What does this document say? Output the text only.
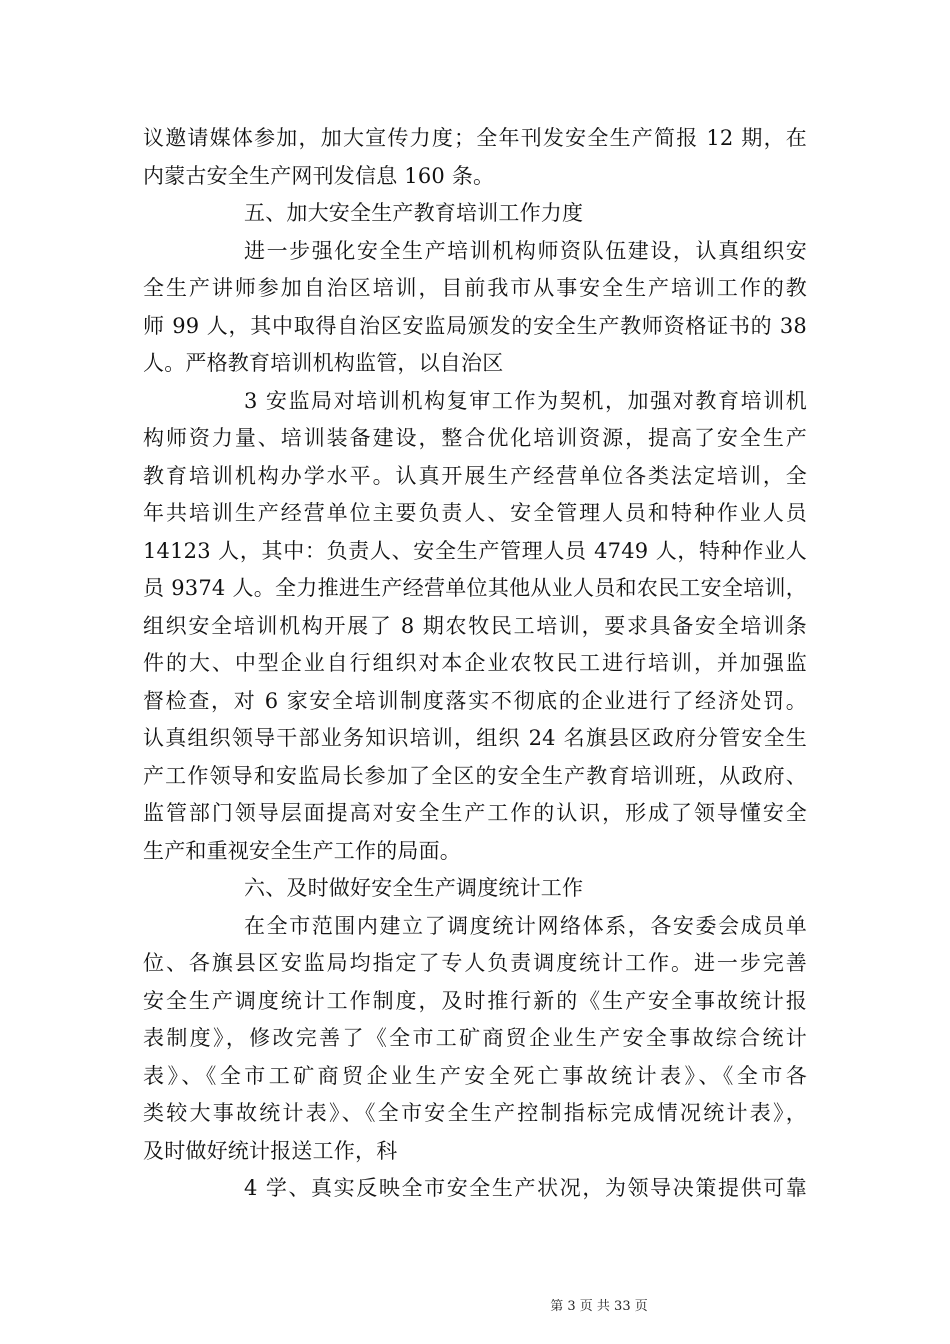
议邀请媒体参加，加大宣传力度；全年刊发安全生产简报 12 期，在
内蒙古安全生产网刊发信息 160 条。
五、加大安全生产教育培训工作力度
进一步强化安全生产培训机构师资队伍建设，认真组织安
全生产讲师参加自治区培训，目前我市从事安全生产培训工作的教
师 99 人，其中取得自治区安监局颁发的安全生产教师资格证书的 38
人。严格教育培训机构监管，以自治区
3 安监局对培训机构复审工作为契机，加强对教育培训机
构师资力量、培训装备建设，整合优化培训资源，提高了安全生产
教育培训机构办学水平。认真开展生产经营单位各类法定培训，全
年共培训生产经营单位主要负责人、安全管理人员和特种作业人员
14123 人，其中：负责人、安全生产管理人员 4749 人，特种作业人
员 9374 人。全力推进生产经营单位其他从业人员和农民工安全培训，
组织安全培训机构开展了 8 期农牧民工培训，要求具备安全培训条
件的大、中型企业自行组织对本企业农牧民工进行培训，并加强监
督检查，对 6 家安全培训制度落实不彻底的企业进行了经济处罚。
认真组织领导干部业务知识培训，组织 24 名旗县区政府分管安全生
产工作领导和安监局长参加了全区的安全生产教育培训班，从政府、
监管部门领导层面提高对安全生产工作的认识，形成了领导懂安全
生产和重视安全生产工作的局面。
六、及时做好安全生产调度统计工作
在全市范围内建立了调度统计网络体系，各安委会成员单
位、各旗县区安监局均指定了专人负责调度统计工作。进一步完善
安全生产调度统计工作制度，及时推行新的《生产安全事故统计报
表制度》，修改完善了《全市工矿商贸企业生产安全事故综合统计
表》、《全市工矿商贸企业生产安全死亡事故统计表》、《全市各
类较大事故统计表》、《全市安全生产控制指标完成情况统计表》，
及时做好统计报送工作，科
4 学、真实反映全市安全生产状况，为领导决策提供可靠
第 3 页 共 33 页
